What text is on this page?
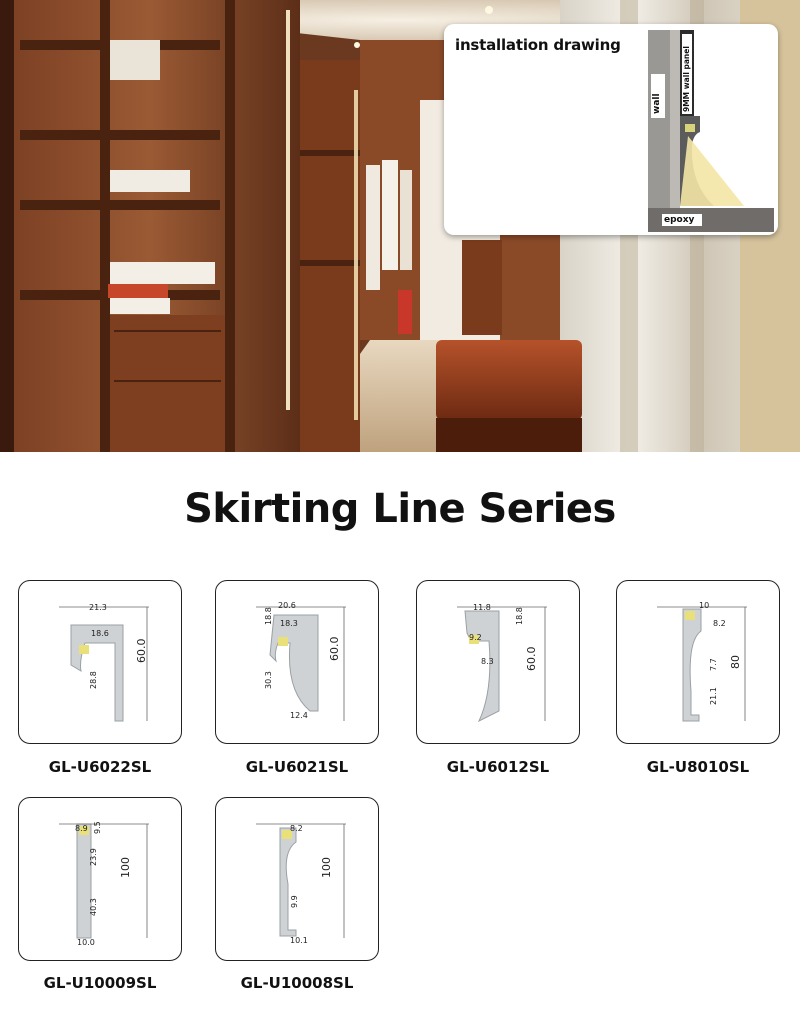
installation drawing
wall	9MM wall panel
epoxy
Skirting Line Series
21.3
18.6
60.0
28.8
GL-U6022SL
20.6
18.3
18.8
60.0
30.3
12.4
GL-U6021SL
11.8
9.2
18.8
60.0
8.3
GL-U6012SL
10
8.2
80
7.7
21.1
GL-U8010SL
8.9 9.5
23.9 100
40.3
10.0
GL-U10009SL
8.2
100
9.9
10.1
GL-U10008SL
